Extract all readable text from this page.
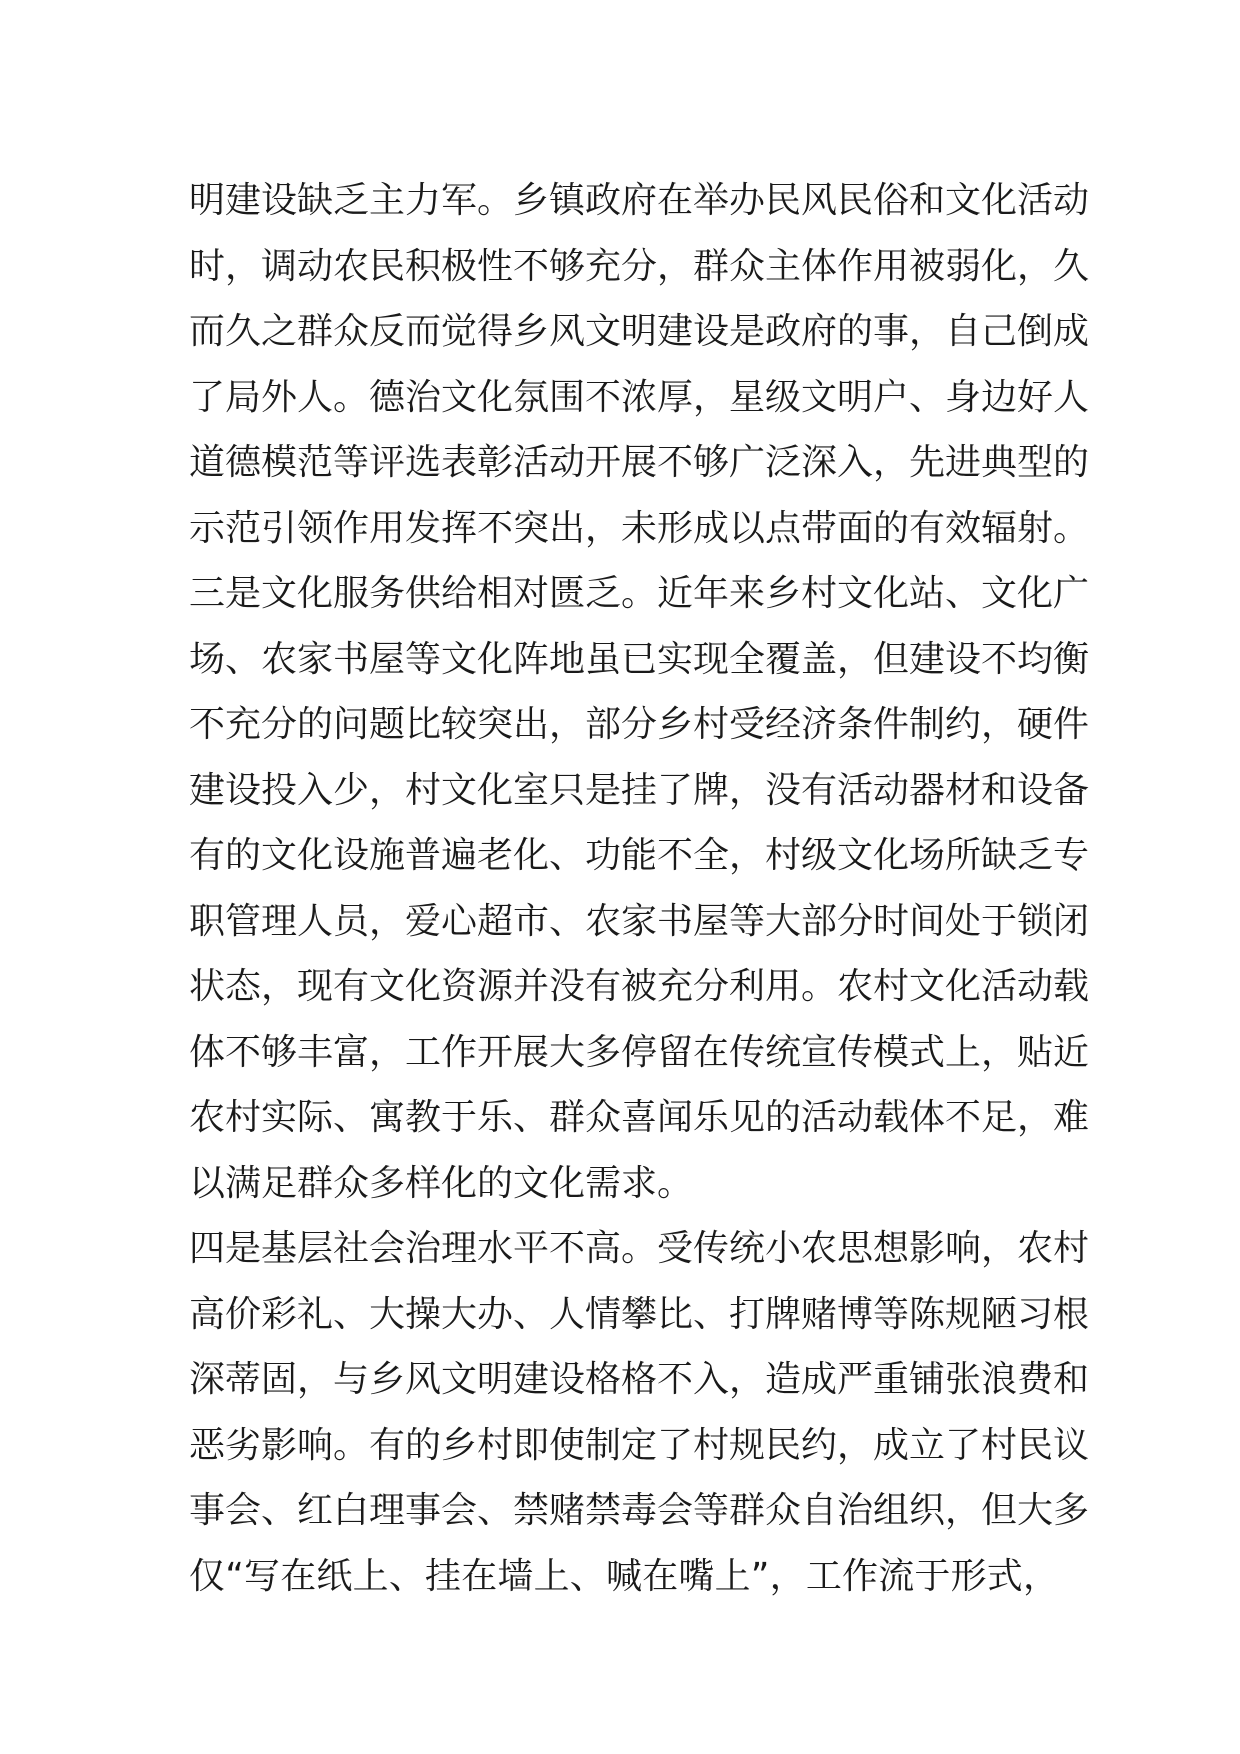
明建设缺乏主力军。乡镇政府在举办民风民俗和文化活动
时，调动农民积极性不够充分，群众主体作用被弱化，久
而久之群众反而觉得乡风文明建设是政府的事，自己倒成
了局外人。德治文化氛围不浓厚，星级文明户、身边好人
道德模范等评选表彰活动开展不够广泛深入，先进典型的
示范引领作用发挥不突出，未形成以点带面的有效辐射。
三是文化服务供给相对匮乏。近年来乡村文化站、文化广
场、农家书屋等文化阵地虽已实现全覆盖，但建设不均衡
不充分的问题比较突出，部分乡村受经济条件制约，硬件
建设投入少，村文化室只是挂了牌，没有活动器材和设备
有的文化设施普遍老化、功能不全，村级文化场所缺乏专
职管理人员，爱心超市、农家书屋等大部分时间处于锁闭
状态，现有文化资源并没有被充分利用。农村文化活动载
体不够丰富，工作开展大多停留在传统宣传模式上，贴近
农村实际、寓教于乐、群众喜闻乐见的活动载体不足，难
以满足群众多样化的文化需求。
四是基层社会治理水平不高。受传统小农思想影响，农村
高价彩礼、大操大办、人情攀比、打牌赌博等陈规陋习根
深蒂固，与乡风文明建设格格不入，造成严重铺张浪费和
恶劣影响。有的乡村即使制定了村规民约，成立了村民议
事会、红白理事会、禁赌禁毒会等群众自治组织，但大多
仅“写在纸上、挂在墙上、喊在嘴上”，工作流于形式，
